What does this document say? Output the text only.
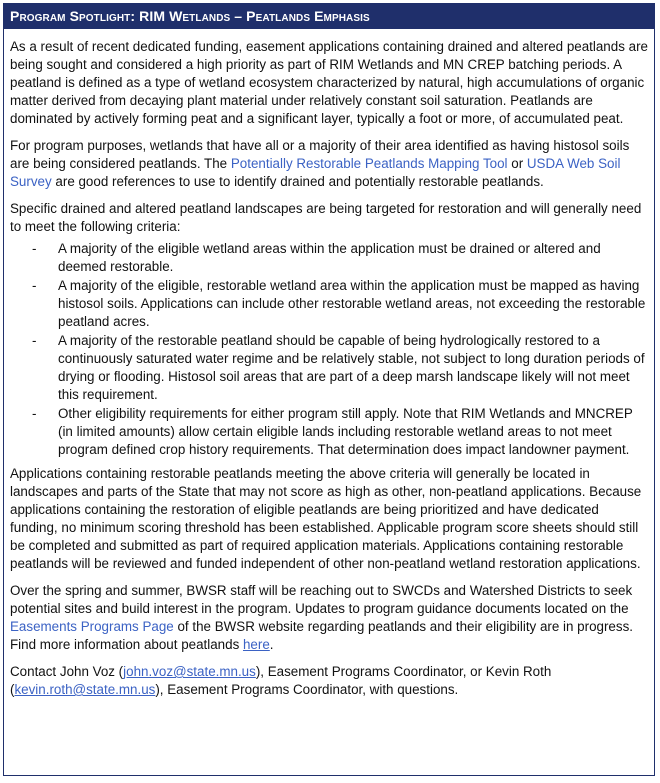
Program Spotlight: RIM Wetlands – Peatlands Emphasis

As a result of recent dedicated funding, easement applications containing drained and altered peatlands are being sought and considered a high priority as part of RIM Wetlands and MN CREP batching periods. A peatland is defined as a type of wetland ecosystem characterized by natural, high accumulations of organic matter derived from decaying plant material under relatively constant soil saturation. Peatlands are dominated by actively forming peat and a significant layer, typically a foot or more, of accumulated peat.

For program purposes, wetlands that have all or a majority of their area identified as having histosol soils are being considered peatlands. The Potentially Restorable Peatlands Mapping Tool or USDA Web Soil Survey are good references to use to identify drained and potentially restorable peatlands.

Specific drained and altered peatland landscapes are being targeted for restoration and will generally need to meet the following criteria:

- A majority of the eligible wetland areas within the application must be drained or altered and deemed restorable.
- A majority of the eligible, restorable wetland area within the application must be mapped as having histosol soils. Applications can include other restorable wetland areas, not exceeding the restorable peatland acres.
- A majority of the restorable peatland should be capable of being hydrologically restored to a continuously saturated water regime and be relatively stable, not subject to long duration periods of drying or flooding. Histosol soil areas that are part of a deep marsh landscape likely will not meet this requirement.
- Other eligibility requirements for either program still apply. Note that RIM Wetlands and MNCREP (in limited amounts) allow certain eligible lands including restorable wetland areas to not meet program defined crop history requirements. That determination does impact landowner payment.

Applications containing restorable peatlands meeting the above criteria will generally be located in landscapes and parts of the State that may not score as high as other, non-peatland applications. Because applications containing the restoration of eligible peatlands are being prioritized and have dedicated funding, no minimum scoring threshold has been established. Applicable program score sheets should still be completed and submitted as part of required application materials. Applications containing restorable peatlands will be reviewed and funded independent of other non-peatland wetland restoration applications.

Over the spring and summer, BWSR staff will be reaching out to SWCDs and Watershed Districts to seek potential sites and build interest in the program. Updates to program guidance documents located on the Easements Programs Page of the BWSR website regarding peatlands and their eligibility are in progress. Find more information about peatlands here.

Contact John Voz (john.voz@state.mn.us), Easement Programs Coordinator, or Kevin Roth (kevin.roth@state.mn.us), Easement Programs Coordinator, with questions.
